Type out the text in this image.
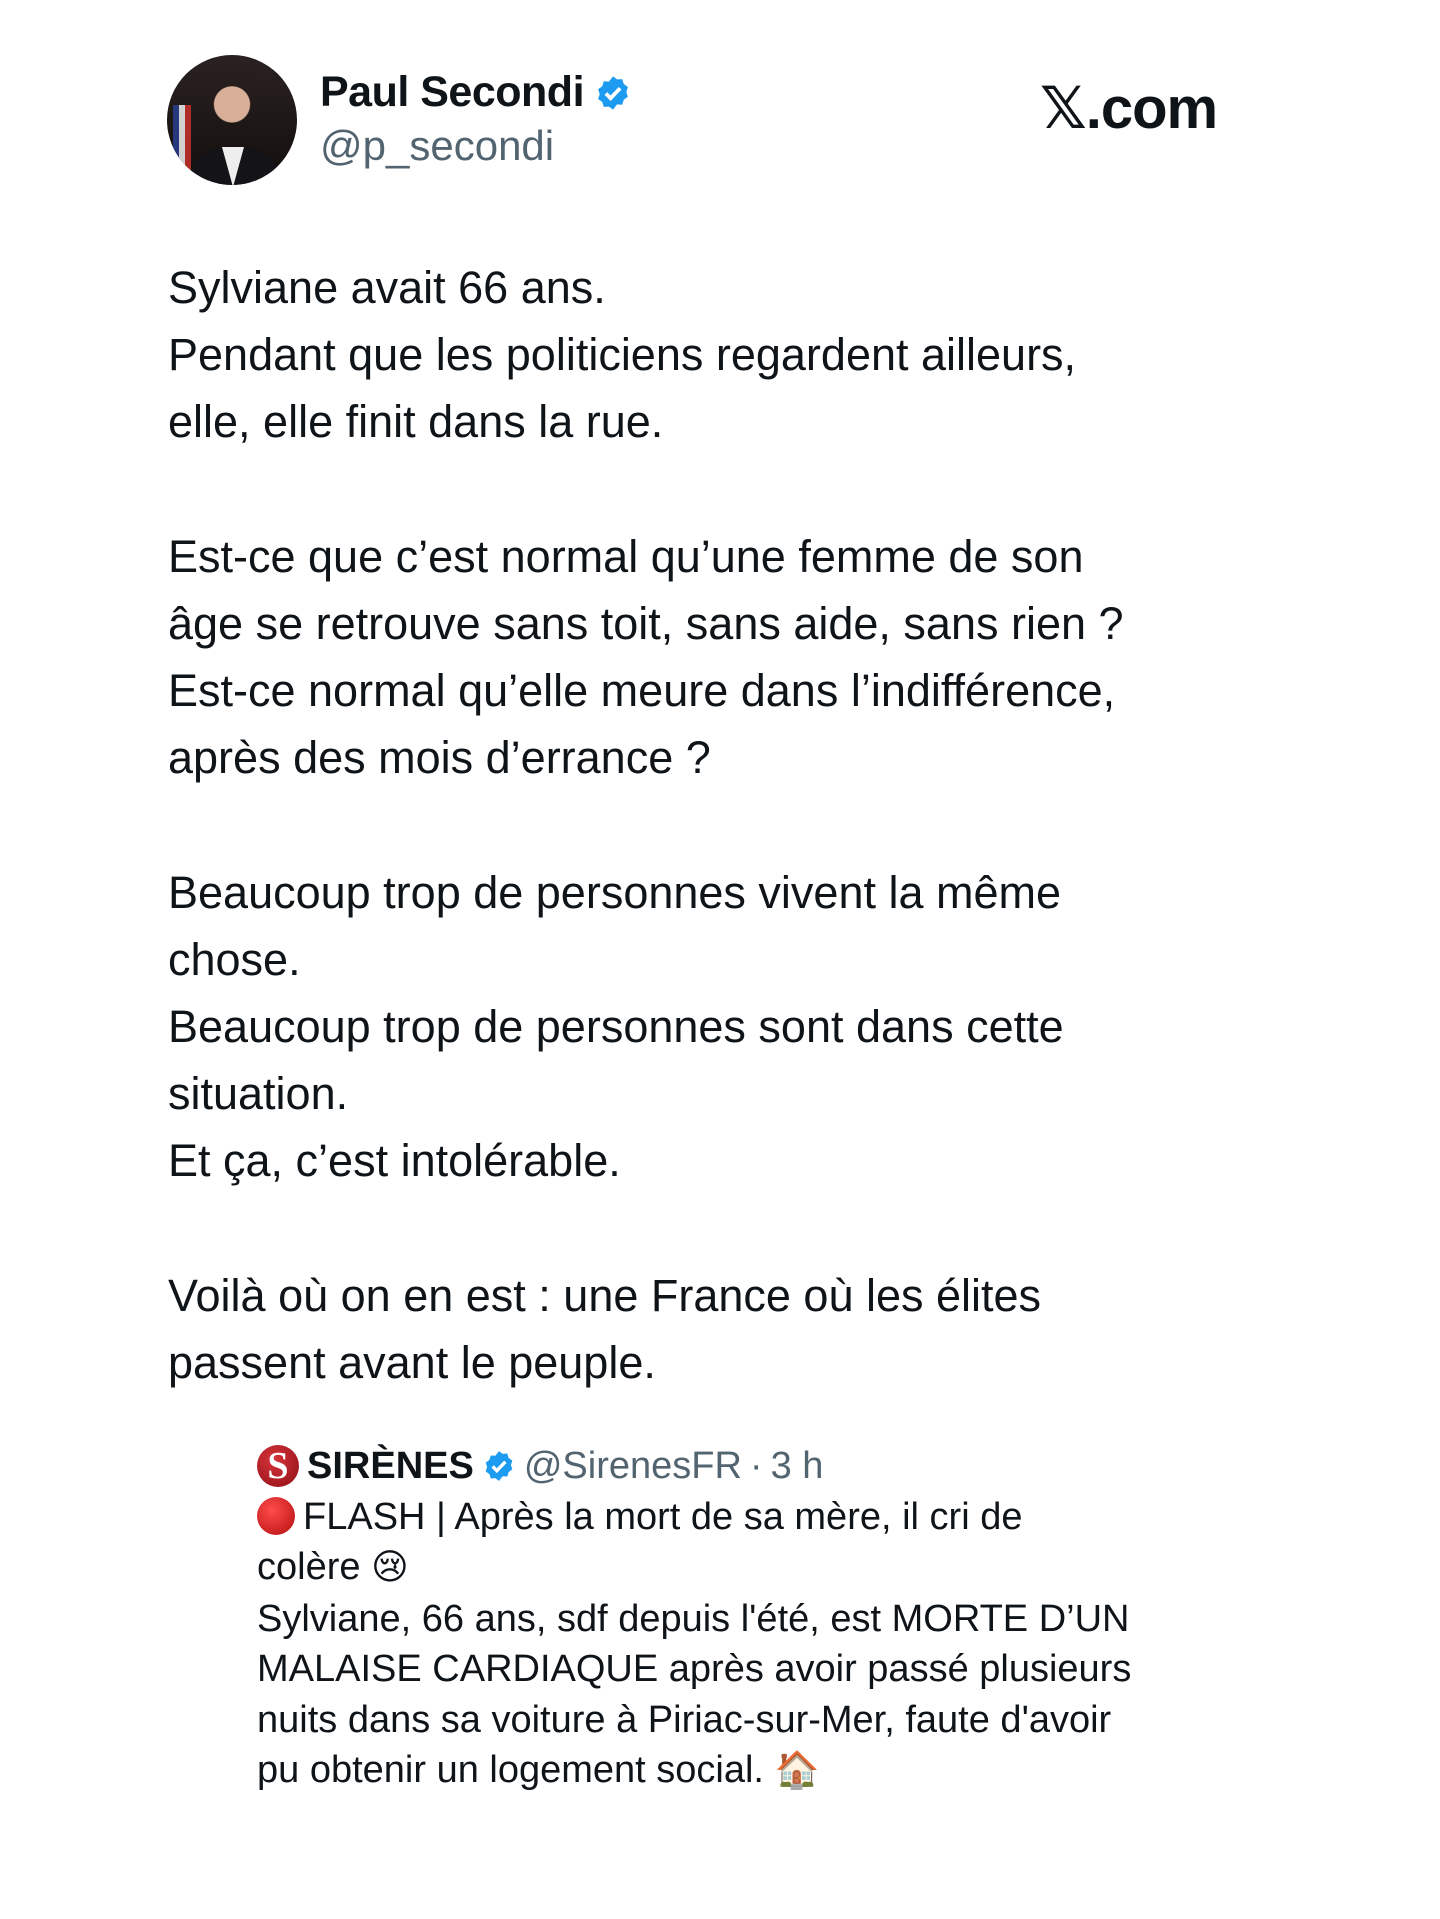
Paul Secondi
@p_secondi
𝕏.com
Sylviane avait 66 ans.
Pendant que les politiciens regardent ailleurs,
elle, elle finit dans la rue.
Est-ce que c’est normal qu’une femme de son
âge se retrouve sans toit, sans aide, sans rien ?
Est-ce normal qu’elle meure dans l’indifférence,
après des mois d’errance ?
Beaucoup trop de personnes vivent la même
chose.
Beaucoup trop de personnes sont dans cette
situation.
Et ça, c’est intolérable.
Voilà où on en est : une France où les élites
passent avant le peuple.
S SIRÈNES @SirenesFR · 3 h
FLASH | Après la mort de sa mère, il cri de
colère 😢
Sylviane, 66 ans, sdf depuis l'été, est MORTE D’UN
MALAISE CARDIAQUE après avoir passé plusieurs
nuits dans sa voiture à Piriac-sur-Mer, faute d'avoir
pu obtenir un logement social. 🏠
